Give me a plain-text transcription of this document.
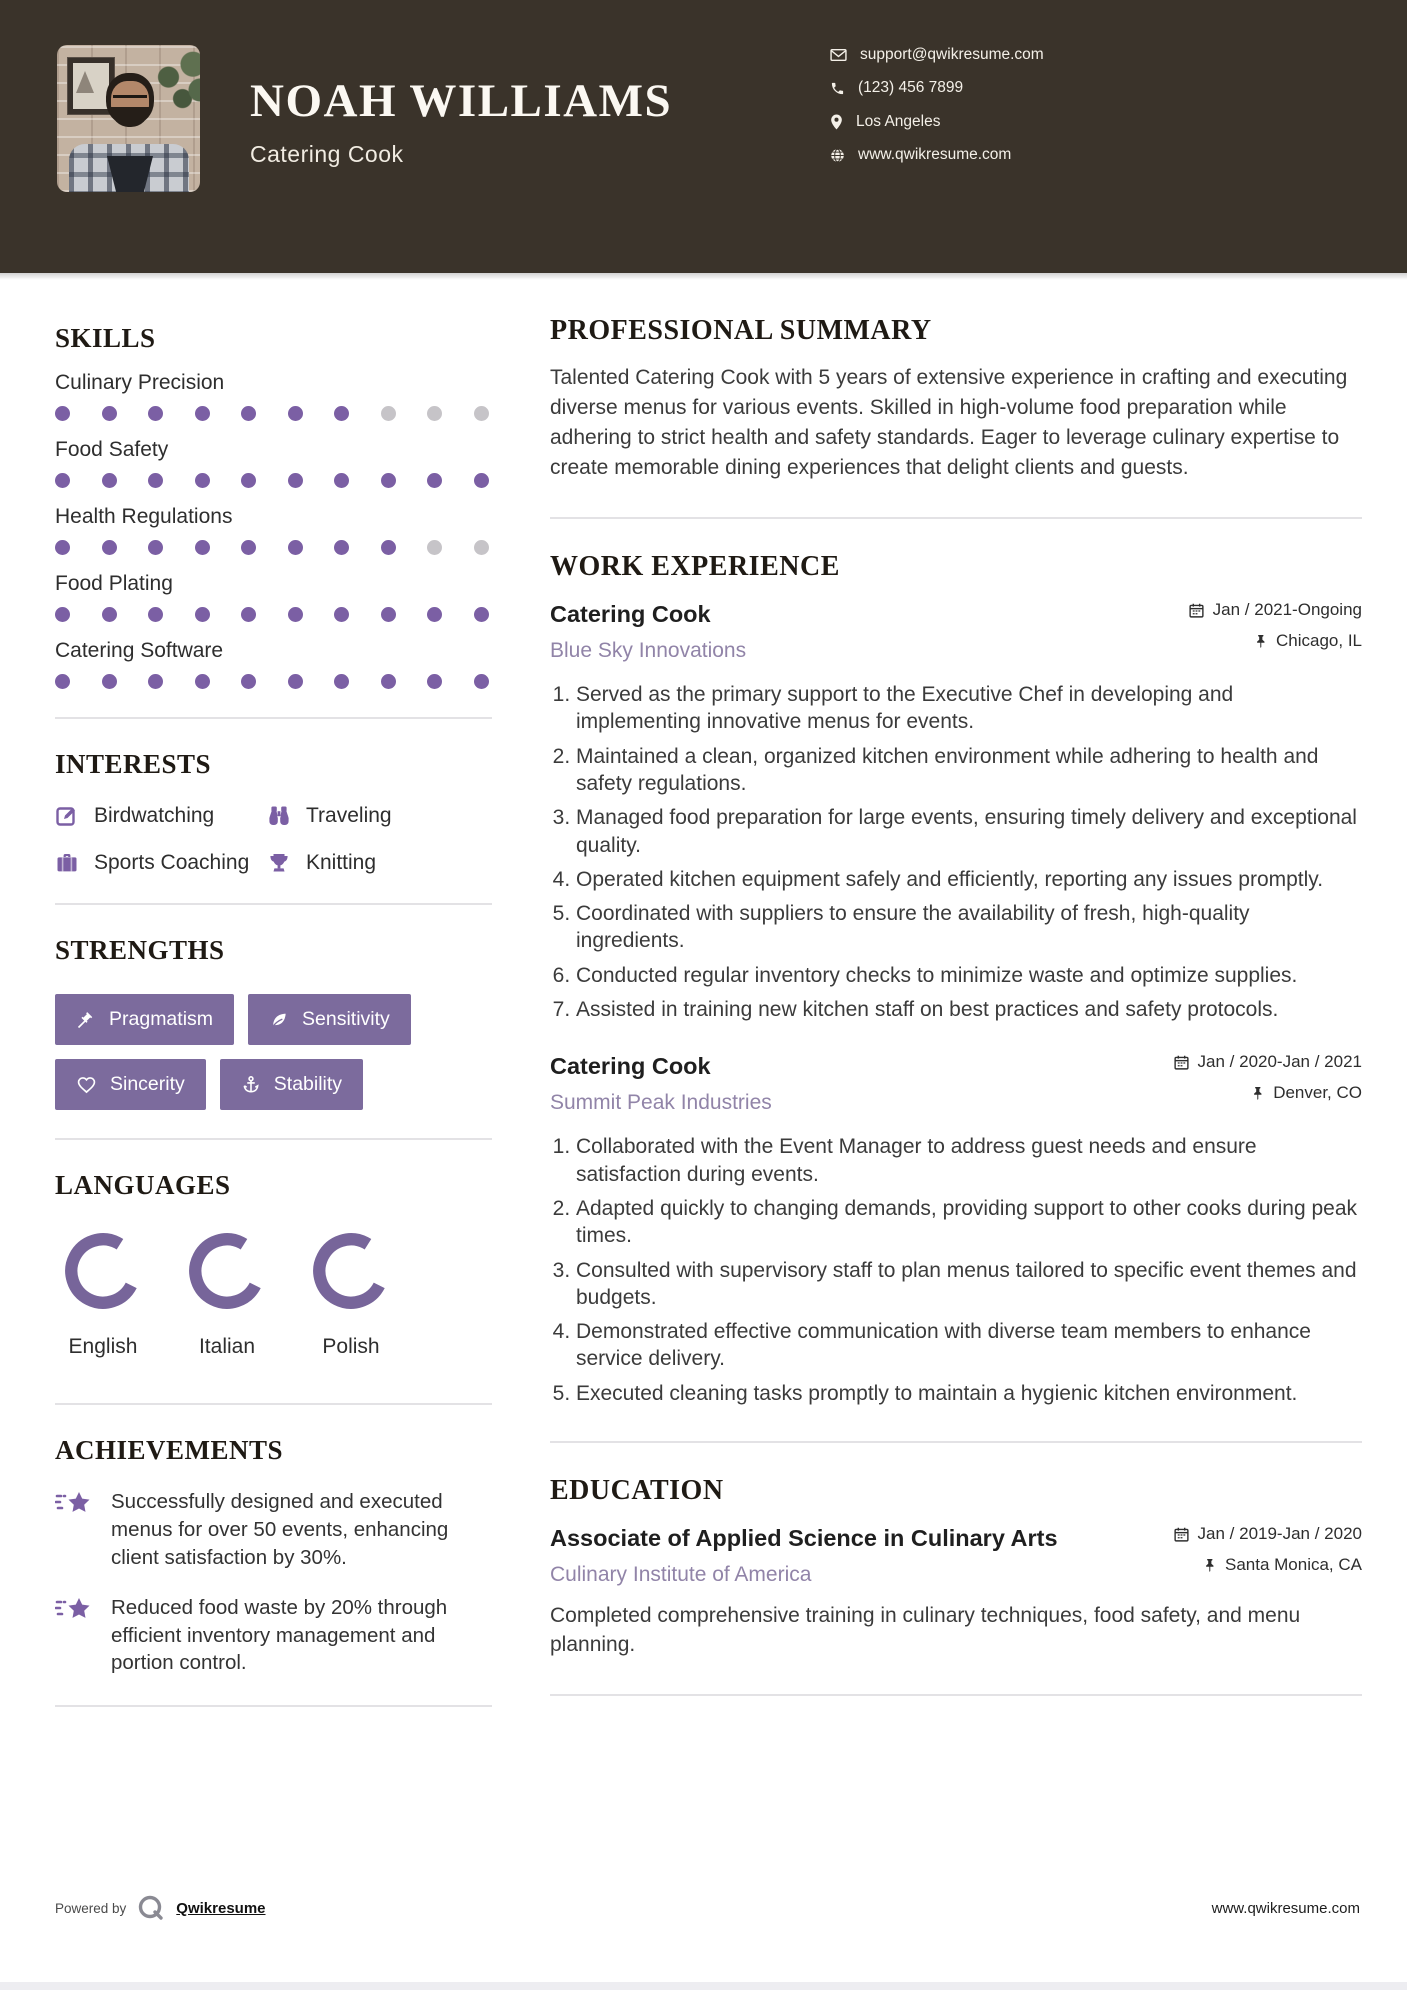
NOAH WILLIAMS
Catering Cook
support@qwikresume.com
(123) 456 7899
Los Angeles
www.qwikresume.com
SKILLS
Culinary Precision
Food Safety
Health Regulations
Food Plating
Catering Software
INTERESTS
Birdwatching	Traveling
Sports Coaching	Knitting
STRENGTHS
Pragmatism	Sensitivity
Sincerity	Stability
LANGUAGES
English	Italian	Polish
ACHIEVEMENTS
Successfully designed and executed menus for over 50 events, enhancing client satisfaction by 30%.
Reduced food waste by 20% through efficient inventory management and portion control.
PROFESSIONAL SUMMARY

Talented Catering Cook with 5 years of extensive experience in crafting and executing diverse menus for various events. Skilled in high-volume food preparation while adhering to strict health and safety standards. Eager to leverage culinary expertise to create memorable dining experiences that delight clients and guests.

WORK EXPERIENCE
Catering Cook
Blue Sky Innovations
Jan / 2021-Ongoing
Chicago, IL
1. Served as the primary support to the Executive Chef in developing and implementing innovative menus for events.
2. Maintained a clean, organized kitchen environment while adhering to health and safety regulations.
3. Managed food preparation for large events, ensuring timely delivery and exceptional quality.
4. Operated kitchen equipment safely and efficiently, reporting any issues promptly.
5. Coordinated with suppliers to ensure the availability of fresh, high-quality ingredients.
6. Conducted regular inventory checks to minimize waste and optimize supplies.
7. Assisted in training new kitchen staff on best practices and safety protocols.
Catering Cook
Summit Peak Industries
Jan / 2020-Jan / 2021
Denver, CO
1. Collaborated with the Event Manager to address guest needs and ensure satisfaction during events.
2. Adapted quickly to changing demands, providing support to other cooks during peak times.
3. Consulted with supervisory staff to plan menus tailored to specific event themes and budgets.
4. Demonstrated effective communication with diverse team members to enhance service delivery.
5. Executed cleaning tasks promptly to maintain a hygienic kitchen environment.
EDUCATION
Associate of Applied Science in Culinary Arts
Culinary Institute of America
Jan / 2019-Jan / 2020
Santa Monica, CA

Completed comprehensive training in culinary techniques, food safety, and menu planning.

Powered by	Qwikresume	www.qwikresume.com
